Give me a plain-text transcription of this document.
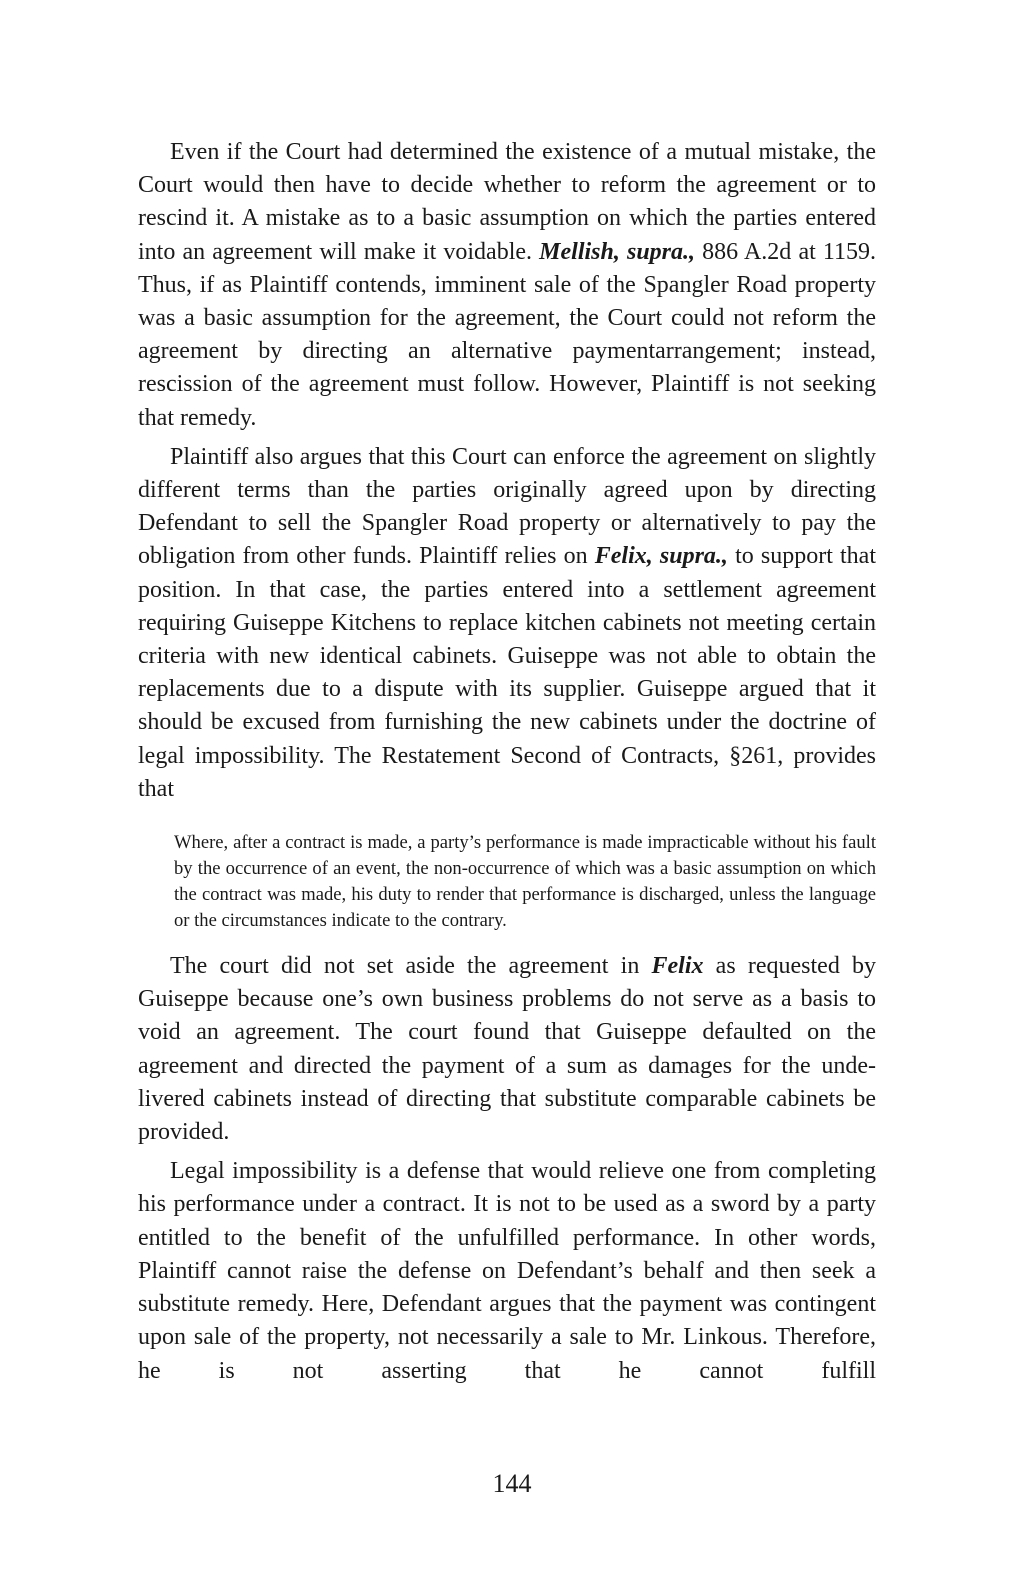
Even if the Court had determined the existence of a mutual mistake, the Court would then have to decide whether to reform the agreement or to rescind it. A mistake as to a basic assumption on which the parties entered into an agreement will make it voidable. Mellish, supra., 886 A.2d at 1159. Thus, if as Plaintiff contends, imminent sale of the Spangler Road property was a basic assumption for the agreement, the Court could not reform the agreement by directing an alternative paymentarrangement; instead, rescission of the agreement must follow. However, Plaintiff is not seeking that remedy.

Plaintiff also argues that this Court can enforce the agreement on slightly different terms than the parties originally agreed upon by directing Defendant to sell the Spangler Road property or alternatively to pay the obligation from other funds. Plaintiff relies on Felix, supra., to support that position. In that case, the parties entered into a settlement agreement requiring Guiseppe Kitchens to replace kitchen cabinets not meeting certain criteria with new identical cabinets. Guiseppe was not able to obtain the replacements due to a dispute with its supplier. Guiseppe argued that it should be excused from furnishing the new cabinets under the doctrine of legal impossibility. The Restatement Second of Contracts, §261, provides that

Where, after a contract is made, a party’s performance is made impracticable without his fault by the occurrence of an event, the non-occurrence of which was a basic assumption on which the contract was made, his duty to render that performance is discharged, unless the language or the circumstances indicate to the contrary.

The court did not set aside the agreement in Felix as requested by Guiseppe because one’s own business problems do not serve as a basis to void an agreement. The court found that Guiseppe defaulted on the agreement and directed the payment of a sum as damages for the undelivered cabinets instead of directing that substitute comparable cabinets be provided.

Legal impossibility is a defense that would relieve one from completing his performance under a contract. It is not to be used as a sword by a party entitled to the benefit of the unfulfilled performance. In other words, Plaintiff cannot raise the defense on Defendant’s behalf and then seek a substitute remedy. Here, Defendant argues that the payment was contingent upon sale of the property, not necessarily a sale to Mr. Linkous. Therefore, he is not asserting that he cannot fulfill

144
